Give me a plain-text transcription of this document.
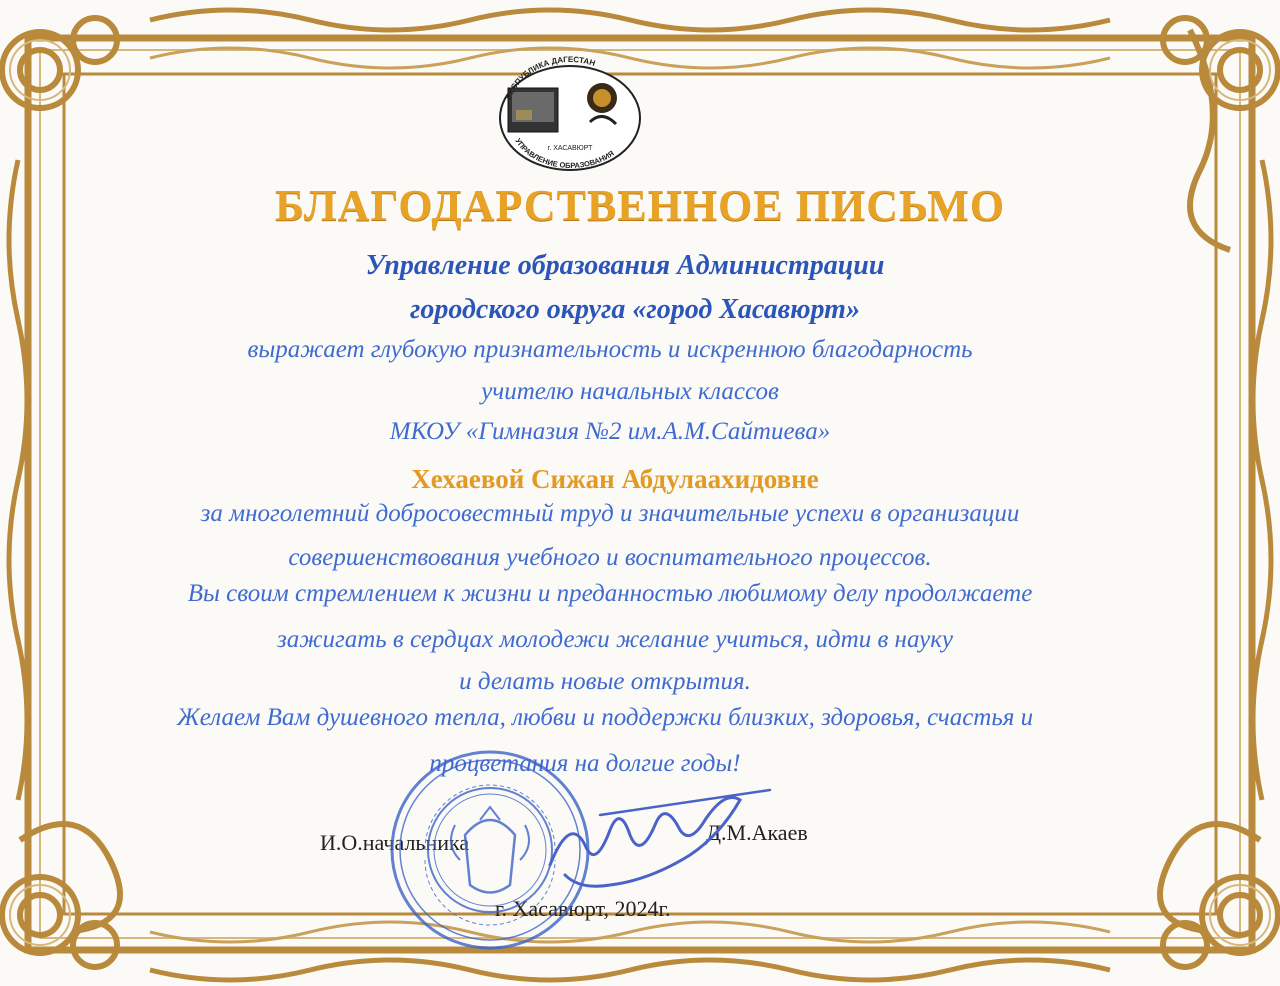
РЕСПУБЛИКА ДАГЕСТАН
г. ХАСАВЮРТ
УПРАВЛЕНИЕ ОБРАЗОВАНИЯ
БЛАГОДАРСТВЕННОЕ ПИСЬМО
Управление образования Администрации
городского округа «город Хасавюрт»
выражает глубокую признательность и искреннюю благодарность
учителю начальных классов
МКОУ «Гимназия №2 им.А.М.Сайтиева»
Хехаевой Сижан Абдулаахидовне
за многолетний добросовестный труд и значительные успехи в организации
совершенствования учебного и воспитательного процессов.
Вы своим стремлением к жизни и преданностью любимому делу продолжаете
зажигать в сердцах молодежи желание учиться, идти в науку
и делать новые открытия.
Желаем Вам душевного тепла, любви и поддержки близких, здоровья, счастья и
процветания на долгие годы!
И.О.начальника	Д.М.Акаев
г. Хасавюрт, 2024г.
